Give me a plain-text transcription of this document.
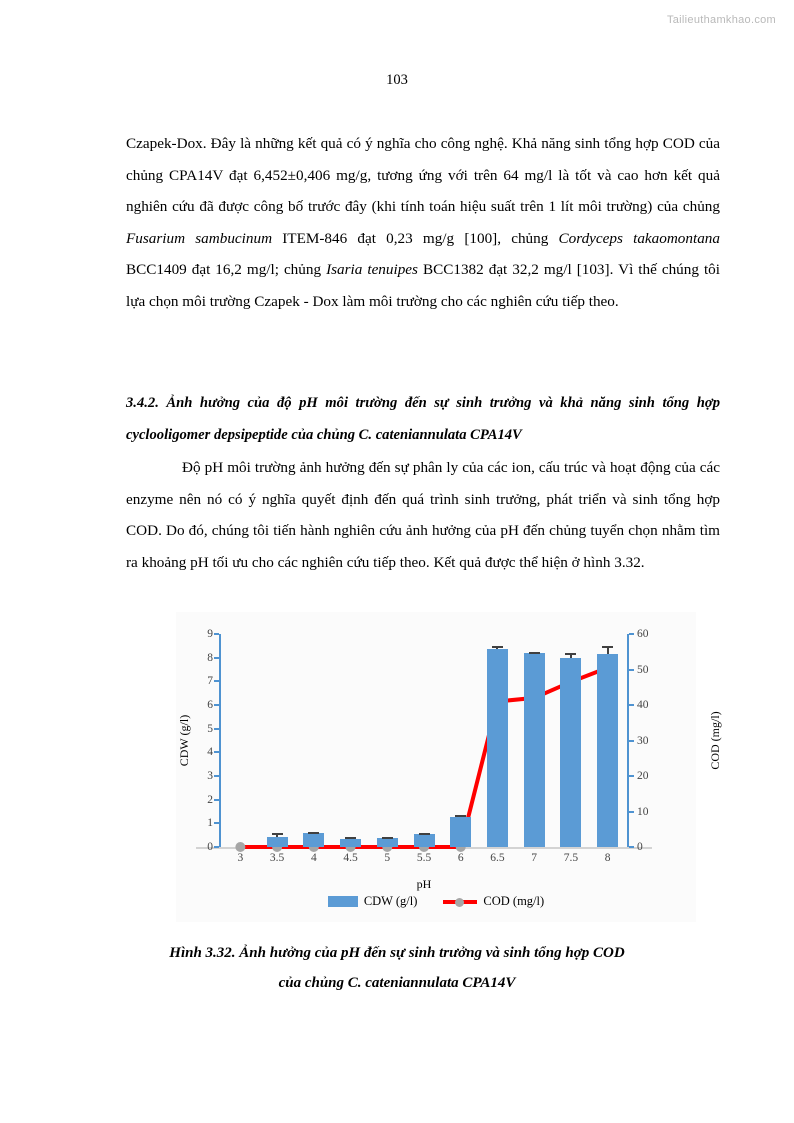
Tailieuthamkhao.com
103

Czapek-Dox. Đây là những kết quả có ý nghĩa cho công nghệ. Khả năng sinh tổng hợp COD của chủng CPA14V đạt 6,452±0,406 mg/g, tương ứng với trên 64 mg/l là tốt và cao hơn kết quả nghiên cứu đã được công bố trước đây (khi tính toán hiệu suất trên 1 lít môi trường) của chủng Fusarium sambucinum ITEM-846 đạt 0,23 mg/g [100], chủng Cordyceps takaomontana BCC1409 đạt 16,2 mg/l; chủng Isaria tenuipes BCC1382 đạt 32,2 mg/l [103]. Vì thế chúng tôi lựa chọn môi trường Czapek - Dox làm môi trường cho các nghiên cứu tiếp theo.

3.4.2. Ảnh hưởng của độ pH môi trường đến sự sinh trưởng và khả năng sinh tổng hợp cyclooligomer depsipeptide của chủng C. cateniannulata CPA14V
Độ pH môi trường ảnh hưởng đến sự phân ly của các ion, cấu trúc và hoạt động của các enzyme nên nó có ý nghĩa quyết định đến quá trình sinh trưởng, phát triển và sinh tổng hợp COD. Do đó, chúng tôi tiến hành nghiên cứu ảnh hưởng của pH đến chủng tuyển chọn nhằm tìm ra khoảng pH tối ưu cho các nghiên cứu tiếp theo. Kết quả được thể hiện ở hình 3.32.
CDW (g/l)	COD (mg/l)
pH
0
1
2
3
4
5
6
7
8
9
0
10
20
30
40
50
60
3 3.5 4 4.5 5 5.5 6 6.5 7 7.5 8
CDW (g/l)	COD (mg/l)
Hình 3.32. Ảnh hưởng của pH đến sự sinh trưởng và sinh tổng hợp COD
của chủng C. cateniannulata CPA14V
